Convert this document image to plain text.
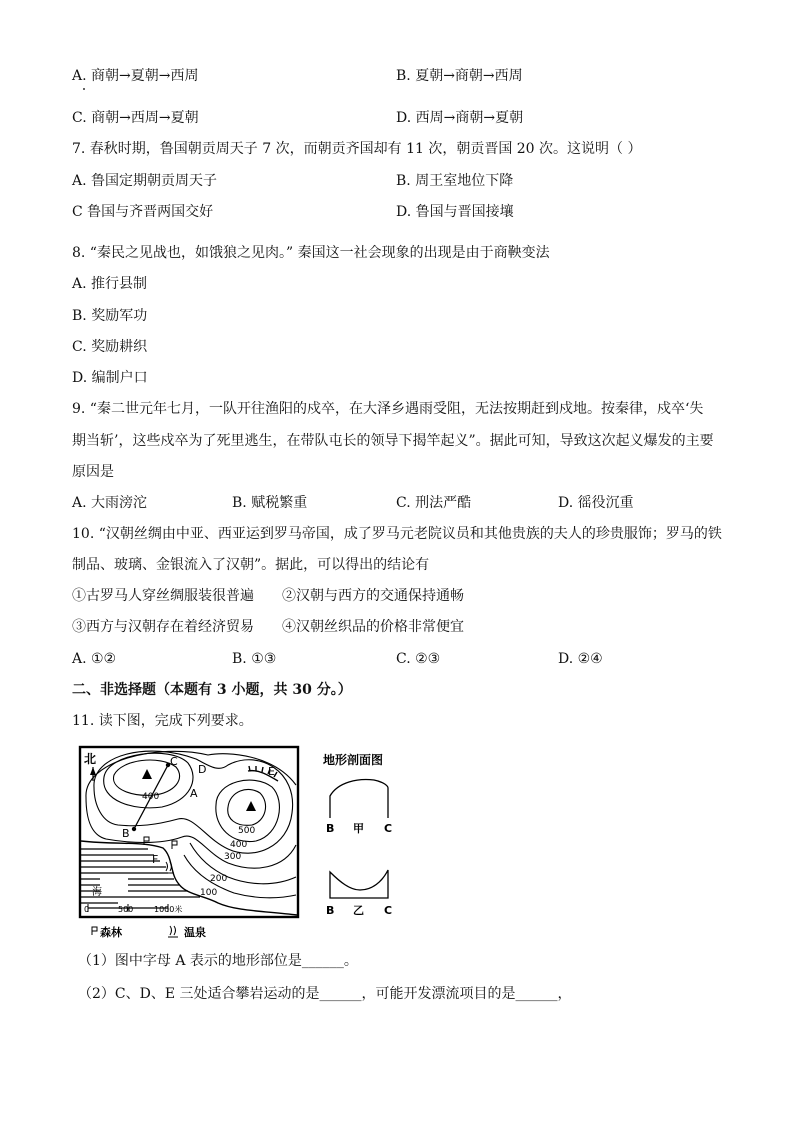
A. 商朝→夏朝→西周	B. 夏朝→商朝→西周
C. 商朝→西周→夏朝	D. 西周→商朝→夏朝
7. 春秋时期，鲁国朝贡周天子 7 次，而朝贡齐国却有 11 次，朝贡晋国 20 次。这说明（ ）
A. 鲁国定期朝贡周天子	B. 周王室地位下降
C 鲁国与齐晋两国交好	D. 鲁国与晋国接壤
8. “秦民之见战也，如饿狼之见肉。” 秦国这一社会现象的出现是由于商鞅变法
A. 推行县制
B. 奖励军功
C. 奖励耕织
D. 编制户口
9. “秦二世元年七月，一队开往渔阳的戍卒，在大泽乡遇雨受阻，无法按期赶到戍地。按秦律，戍卒‘失
期当斩’，这些戍卒为了死里逃生，在带队屯长的领导下揭竿起义”。据此可知，导致这次起义爆发的主要
原因是
A. 大雨滂沱	B. 赋税繁重	C. 刑法严酷	D. 徭役沉重
10. “汉朝丝绸由中亚、西亚运到罗马帝国，成了罗马元老院议员和其他贵族的夫人的珍贵服饰；罗马的铁
制品、玻璃、金银流入了汉朝”。据此，可以得出的结论有
①古罗马人穿丝绸服装很普遍 ②汉朝与西方的交通保持通畅
③西方与汉朝存在着经济贸易 ④汉朝丝织品的价格非常便宜
A. ①②	B. ①③	C. ②③	D. ②④
二、非选择题（本题有 3 小题，共 30 分。）
11. 读下图，完成下列要求。
北	C
D	E
A
B
F
400
500
400
300
200
100
海
0	500	1000米
森林	温泉
地形剖面图
B 甲 C
B 乙 C
（1）图中字母 A 表示的地形部位是______。
（2）C、D、E 三处适合攀岩运动的是______，可能开发漂流项目的是______，
